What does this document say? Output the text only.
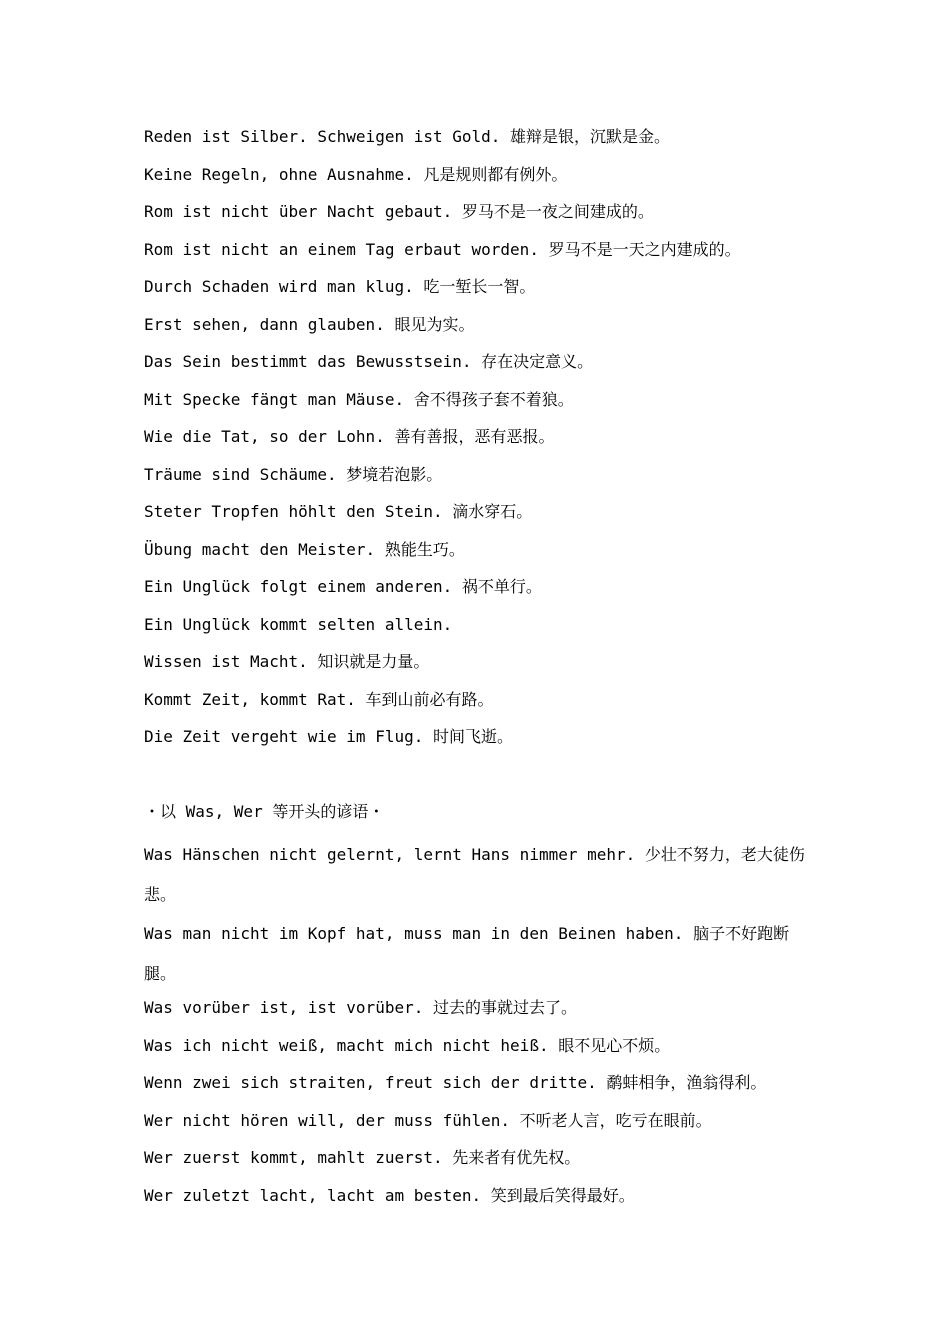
Reden ist Silber. Schweigen ist Gold. 雄辩是银，沉默是金。
Keine Regeln, ohne Ausnahme. 凡是规则都有例外。
Rom ist nicht über Nacht gebaut. 罗马不是一夜之间建成的。
Rom ist nicht an einem Tag erbaut worden. 罗马不是一天之内建成的。
Durch Schaden wird man klug. 吃一堑长一智。
Erst sehen, dann glauben. 眼见为实。
Das Sein bestimmt das Bewusstsein. 存在决定意义。
Mit Specke fängt man Mäuse. 舍不得孩子套不着狼。
Wie die Tat, so der Lohn. 善有善报，恶有恶报。
Träume sind Schäume. 梦境若泡影。
Steter Tropfen höhlt den Stein. 滴水穿石。
Übung macht den Meister. 熟能生巧。
Ein Unglück folgt einem anderen. 祸不单行。
Ein Unglück kommt selten allein.
Wissen ist Macht. 知识就是力量。
Kommt Zeit, kommt Rat. 车到山前必有路。
Die Zeit vergeht wie im Flug. 时间飞逝。
・以 Was, Wer 等开头的谚语・
Was Hänschen nicht gelernt, lernt Hans nimmer mehr. 少壮不努力，老大徒伤悲。
Was man nicht im Kopf hat, muss man in den Beinen haben. 脑子不好跑断腿。
Was vorüber ist, ist vorüber. 过去的事就过去了。
Was ich nicht weiß, macht mich nicht heiß. 眼不见心不烦。
Wenn zwei sich straiten, freut sich der dritte. 鹬蚌相争，渔翁得利。
Wer nicht hören will, der muss fühlen. 不听老人言，吃亏在眼前。
Wer zuerst kommt, mahlt zuerst. 先来者有优先权。
Wer zuletzt lacht, lacht am besten. 笑到最后笑得最好。
